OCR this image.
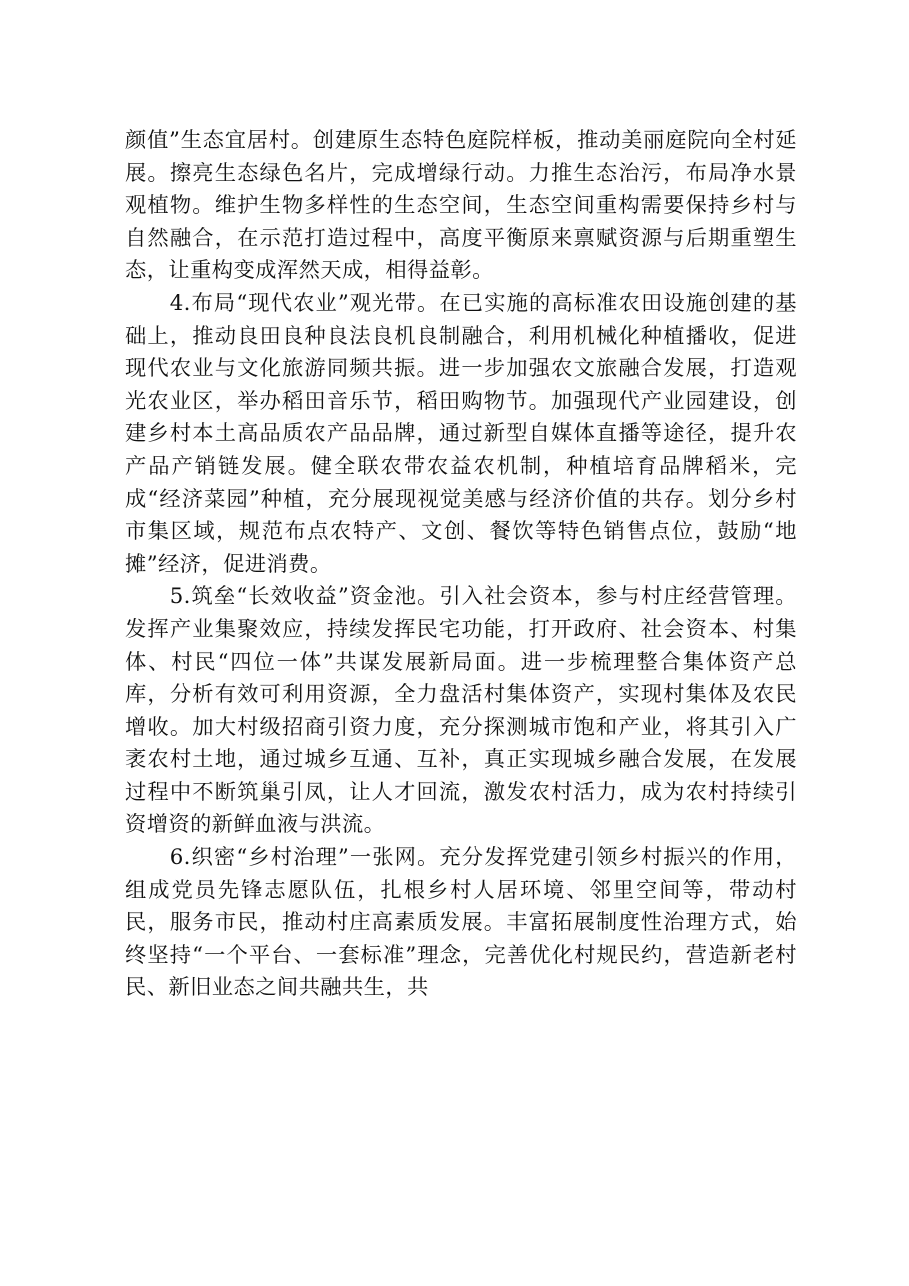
颜值”生态宜居村。创建原生态特色庭院样板，推动美丽庭院向全村延展。擦亮生态绿色名片，完成增绿行动。力推生态治污，布局净水景观植物。维护生物多样性的生态空间，生态空间重构需要保持乡村与自然融合，在示范打造过程中，高度平衡原来禀赋资源与后期重塑生态，让重构变成浑然天成，相得益彰。

4.布局“现代农业”观光带。在已实施的高标准农田设施创建的基础上，推动良田良种良法良机良制融合，利用机械化种植播收，促进现代农业与文化旅游同频共振。进一步加强农文旅融合发展，打造观光农业区，举办稻田音乐节，稻田购物节。加强现代产业园建设，创建乡村本土高品质农产品品牌，通过新型自媒体直播等途径，提升农产品产销链发展。健全联农带农益农机制，种植培育品牌稻米，完成“经济菜园”种植，充分展现视觉美感与经济价值的共存。划分乡村市集区域，规范布点农特产、文创、餐饮等特色销售点位，鼓励“地摊”经济，促进消费。

5.筑垒“长效收益”资金池。引入社会资本，参与村庄经营管理。发挥产业集聚效应，持续发挥民宅功能，打开政府、社会资本、村集体、村民“四位一体”共谋发展新局面。进一步梳理整合集体资产总库，分析有效可利用资源，全力盘活村集体资产，实现村集体及农民增收。加大村级招商引资力度，充分探测城市饱和产业，将其引入广袤农村土地，通过城乡互通、互补，真正实现城乡融合发展，在发展过程中不断筑巢引凤，让人才回流，激发农村活力，成为农村持续引资增资的新鲜血液与洪流。

6.织密“乡村治理”一张网。充分发挥党建引领乡村振兴的作用，组成党员先锋志愿队伍，扎根乡村人居环境、邻里空间等，带动村民，服务市民，推动村庄高素质发展。丰富拓展制度性治理方式，始终坚持“一个平台、一套标准”理念，完善优化村规民约，营造新老村民、新旧业态之间共融共生，共
